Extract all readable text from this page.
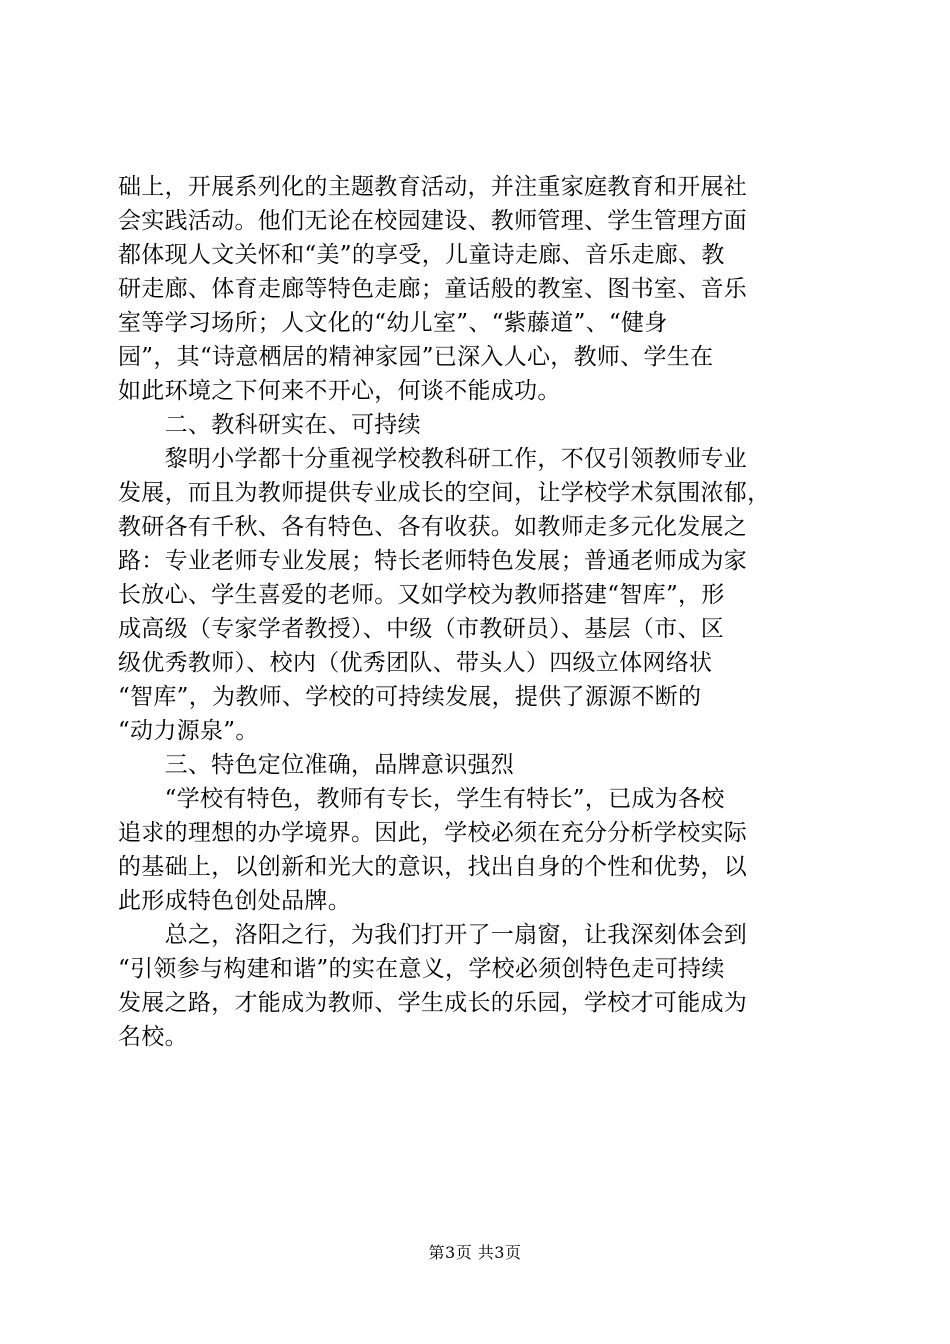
础上，开展系列化的主题教育活动，并注重家庭教育和开展社
会实践活动。他们无论在校园建设、教师管理、学生管理方面
都体现人文关怀和“美”的享受，儿童诗走廊、音乐走廊、教
研走廊、体育走廊等特色走廊；童话般的教室、图书室、音乐
室等学习场所；人文化的“幼儿室”、“紫藤道”、“健身
园”，其“诗意栖居的精神家园”已深入人心，教师、学生在
如此环境之下何来不开心，何谈不能成功。
　　二、教科研实在、可持续
　　黎明小学都十分重视学校教科研工作，不仅引领教师专业
发展，而且为教师提供专业成长的空间，让学校学术氛围浓郁，
教研各有千秋、各有特色、各有收获。如教师走多元化发展之
路：专业老师专业发展；特长老师特色发展；普通老师成为家
长放心、学生喜爱的老师。又如学校为教师搭建“智库”，形
成高级（专家学者教授）、中级（市教研员）、基层（市、区
级优秀教师）、校内（优秀团队、带头人）四级立体网络状
“智库”，为教师、学校的可持续发展，提供了源源不断的
“动力源泉”。
　　三、特色定位准确，品牌意识强烈
　　“学校有特色，教师有专长，学生有特长”，已成为各校
追求的理想的办学境界。因此，学校必须在充分分析学校实际
的基础上，以创新和光大的意识，找出自身的个性和优势，以
此形成特色创处品牌。
　　总之，洛阳之行，为我们打开了一扇窗，让我深刻体会到
“引领参与构建和谐”的实在意义，学校必须创特色走可持续
发展之路，才能成为教师、学生成长的乐园，学校才可能成为
名校。
第3页 共3页
